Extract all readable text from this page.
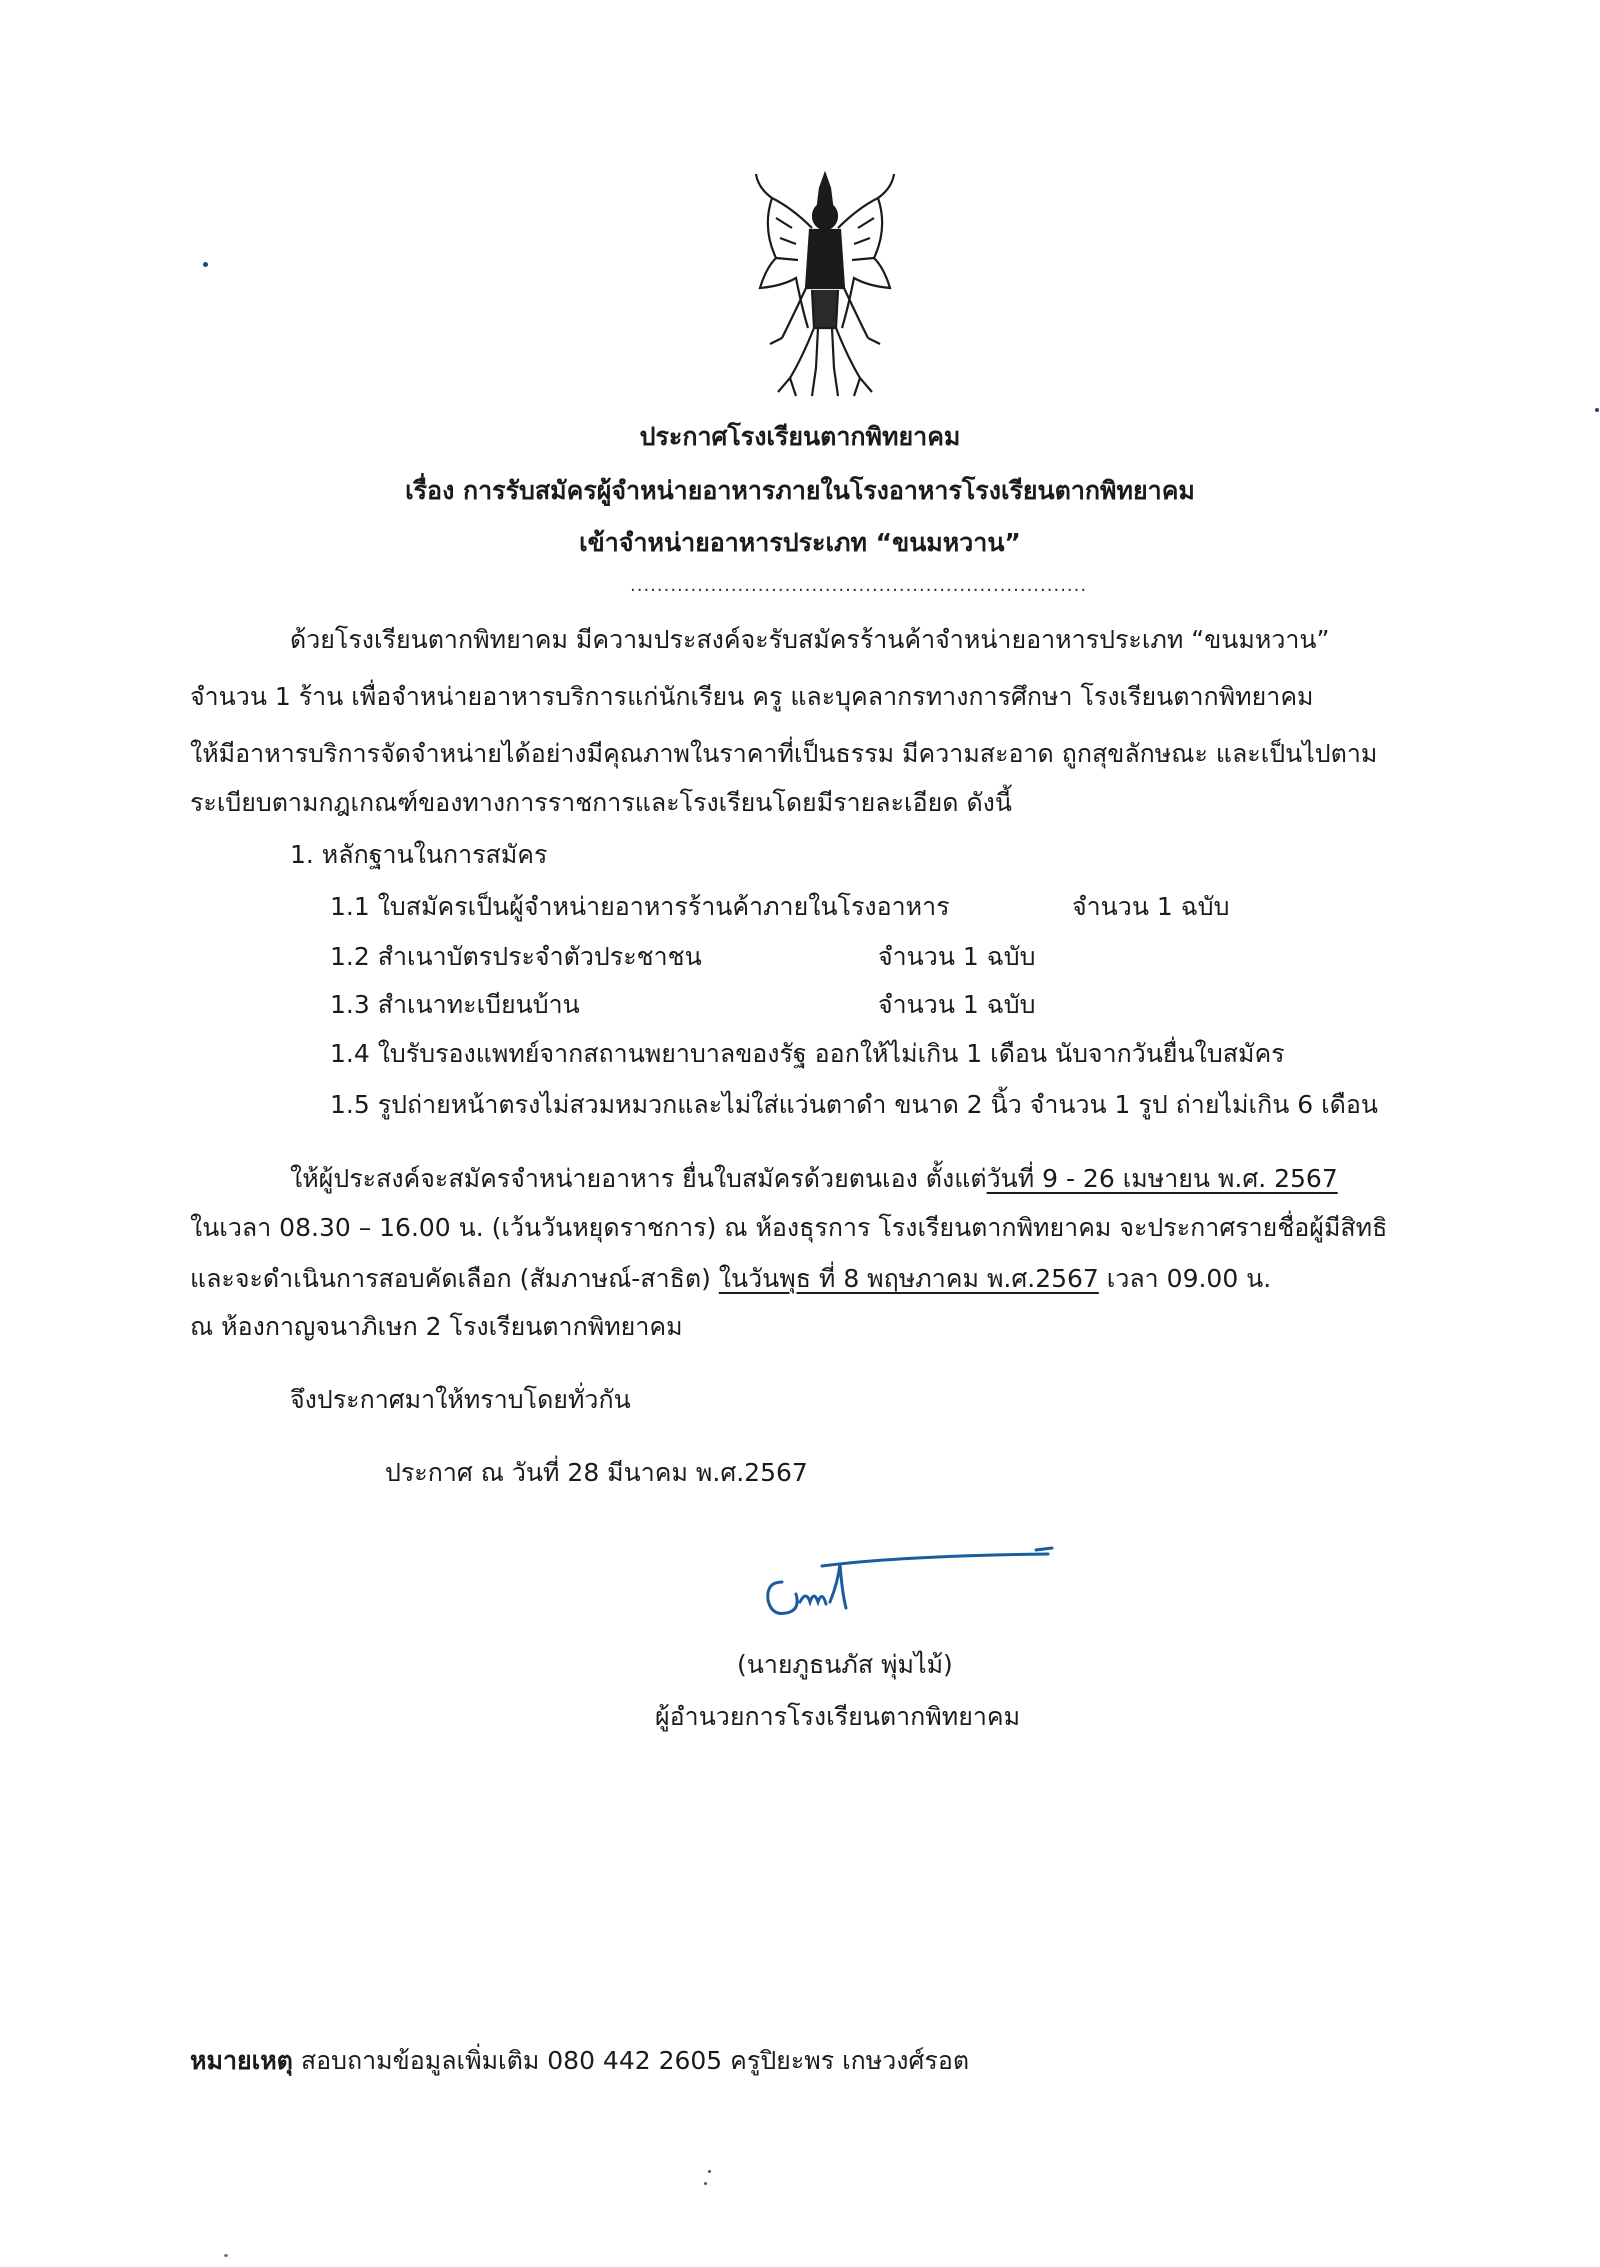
ประกาศโรงเรียนตากพิทยาคม
เรื่อง การรับสมัครผู้จำหน่ายอาหารภายในโรงอาหารโรงเรียนตากพิทยาคม
เข้าจำหน่ายอาหารประเภท “ขนมหวาน”
....................................................................
ด้วยโรงเรียนตากพิทยาคม มีความประสงค์จะรับสมัครร้านค้าจำหน่ายอาหารประเภท “ขนมหวาน”
จำนวน 1 ร้าน เพื่อจำหน่ายอาหารบริการแก่นักเรียน ครู และบุคลากรทางการศึกษา โรงเรียนตากพิทยาคม
ให้มีอาหารบริการจัดจำหน่ายได้อย่างมีคุณภาพในราคาที่เป็นธรรม มีความสะอาด ถูกสุขลักษณะ และเป็นไปตาม
ระเบียบตามกฎเกณฑ์ของทางการราชการและโรงเรียนโดยมีรายละเอียด ดังนี้
1. หลักฐานในการสมัคร
1.1 ใบสมัครเป็นผู้จำหน่ายอาหารร้านค้าภายในโรงอาหาร	จำนวน 1 ฉบับ
1.2 สำเนาบัตรประจำตัวประชาชน	จำนวน 1 ฉบับ
1.3 สำเนาทะเบียนบ้าน	จำนวน 1 ฉบับ
1.4 ใบรับรองแพทย์จากสถานพยาบาลของรัฐ ออกให้ไม่เกิน 1 เดือน นับจากวันยื่นใบสมัคร
1.5 รูปถ่ายหน้าตรงไม่สวมหมวกและไม่ใส่แว่นตาดำ ขนาด 2 นิ้ว จำนวน 1 รูป ถ่ายไม่เกิน 6 เดือน
ให้ผู้ประสงค์จะสมัครจำหน่ายอาหาร ยื่นใบสมัครด้วยตนเอง ตั้งแต่วันที่ 9 - 26 เมษายน พ.ศ. 2567
ในเวลา 08.30 – 16.00 น. (เว้นวันหยุดราชการ) ณ ห้องธุรการ โรงเรียนตากพิทยาคม จะประกาศรายชื่อผู้มีสิทธิ
และจะดำเนินการสอบคัดเลือก (สัมภาษณ์-สาธิต) ในวันพุธ ที่ 8 พฤษภาคม พ.ศ.2567 เวลา 09.00 น.
ณ ห้องกาญจนาภิเษก 2 โรงเรียนตากพิทยาคม
จึงประกาศมาให้ทราบโดยทั่วกัน
ประกาศ ณ วันที่ 28 มีนาคม พ.ศ.2567
(นายภูธนภัส พุ่มไม้)
ผู้อำนวยการโรงเรียนตากพิทยาคม
หมายเหตุ สอบถามข้อมูลเพิ่มเติม 080 442 2605 ครูปิยะพร เกษวงศ์รอต
